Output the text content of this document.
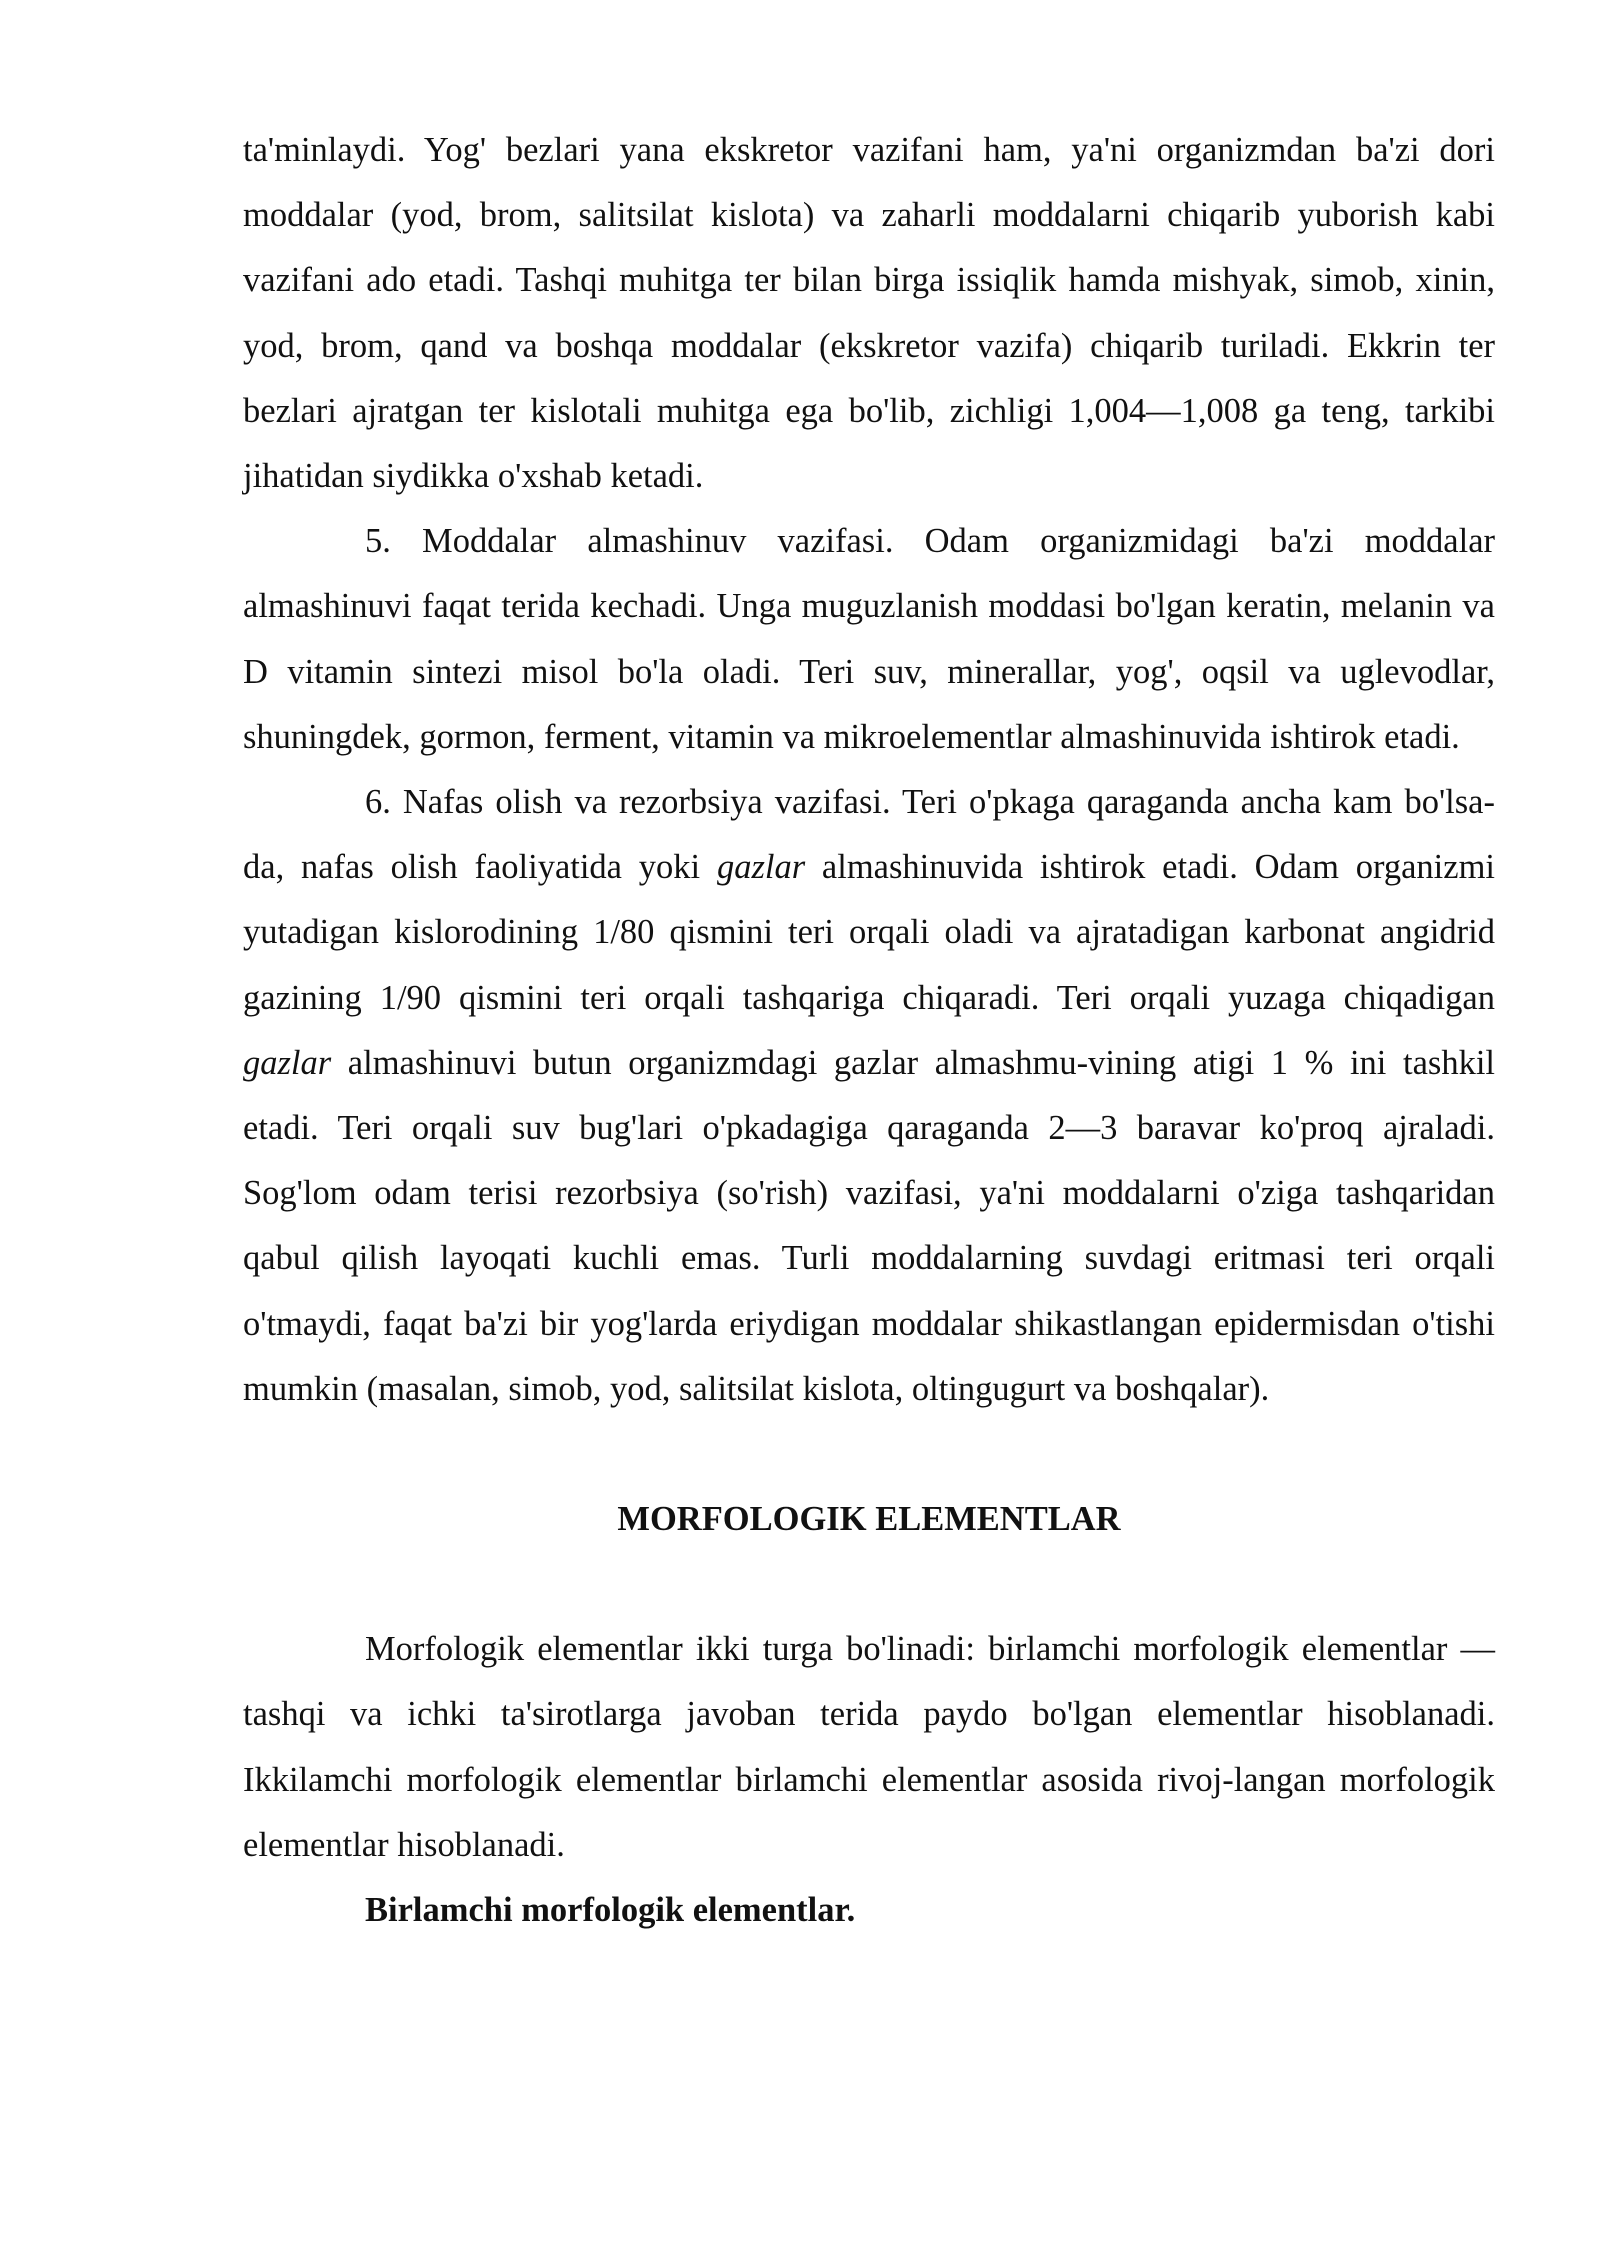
ta'minlaydi. Yog' bezlari yana ekskretor vazifani ham, ya'ni organizmdan ba'zi dori moddalar (yod, brom, salitsilat kislota) va zaharli moddalarni chiqarib yuborish kabi vazifani ado etadi. Tashqi muhitga ter bilan birga issiqlik hamda mishyak, simob, xinin, yod, brom, qand va boshqa moddalar (ekskretor vazifa) chiqarib turiladi. Ekkrin ter bezlari ajratgan ter kislotali muhitga ega bo'lib, zichligi 1,004—1,008 ga teng, tarkibi jihatidan siydikka o'xshab ketadi.

5. Moddalar almashinuv vazifasi. Odam organizmidagi ba'zi moddalar almashinuvi faqat terida kechadi. Unga muguzlanish moddasi bo'lgan keratin, melanin va D vitamin sintezi misol bo'la oladi. Teri suv, minerallar, yog', oqsil va uglevodlar, shuningdek, gormon, ferment, vitamin va mikroelementlar almashinuvida ishtirok etadi.

6. Nafas olish va rezorbsiya vazifasi. Teri o'pkaga qaraganda ancha kam bo'lsa-da, nafas olish faoliyatida yoki gazlar almashinuvida ishtirok etadi. Odam organizmi yutadigan kislorodining 1/80 qismini teri orqali oladi va ajratadigan karbonat angidrid gazining 1/90 qismini teri orqali tashqariga chiqaradi. Teri orqali yuzaga chiqadigan gazlar almashinuvi butun organizmdagi gazlar almashmu-vining atigi 1 % ini tashkil etadi. Teri orqali suv bug'lari o'pkadagiga qaraganda 2—3 baravar ko'proq ajraladi. Sog'lom odam terisi rezorbsiya (so'rish) vazifasi, ya'ni moddalarni o'ziga tashqaridan qabul qilish layoqati kuchli emas. Turli moddalarning suvdagi eritmasi teri orqali o'tmaydi, faqat ba'zi bir yog'larda eriydigan moddalar shikastlangan epidermisdan o'tishi mumkin (masalan, simob, yod, salitsilat kislota, oltingugurt va boshqalar).

MORFOLOGIK ELEMENTLAR

Morfologik elementlar ikki turga bo'linadi: birlamchi morfologik elementlar — tashqi va ichki ta'sirotlarga javoban terida paydo bo'lgan elementlar hisoblanadi. Ikkilamchi morfologik elementlar birlamchi elementlar asosida rivoj-langan morfologik elementlar hisoblanadi.

Birlamchi morfologik elementlar.
